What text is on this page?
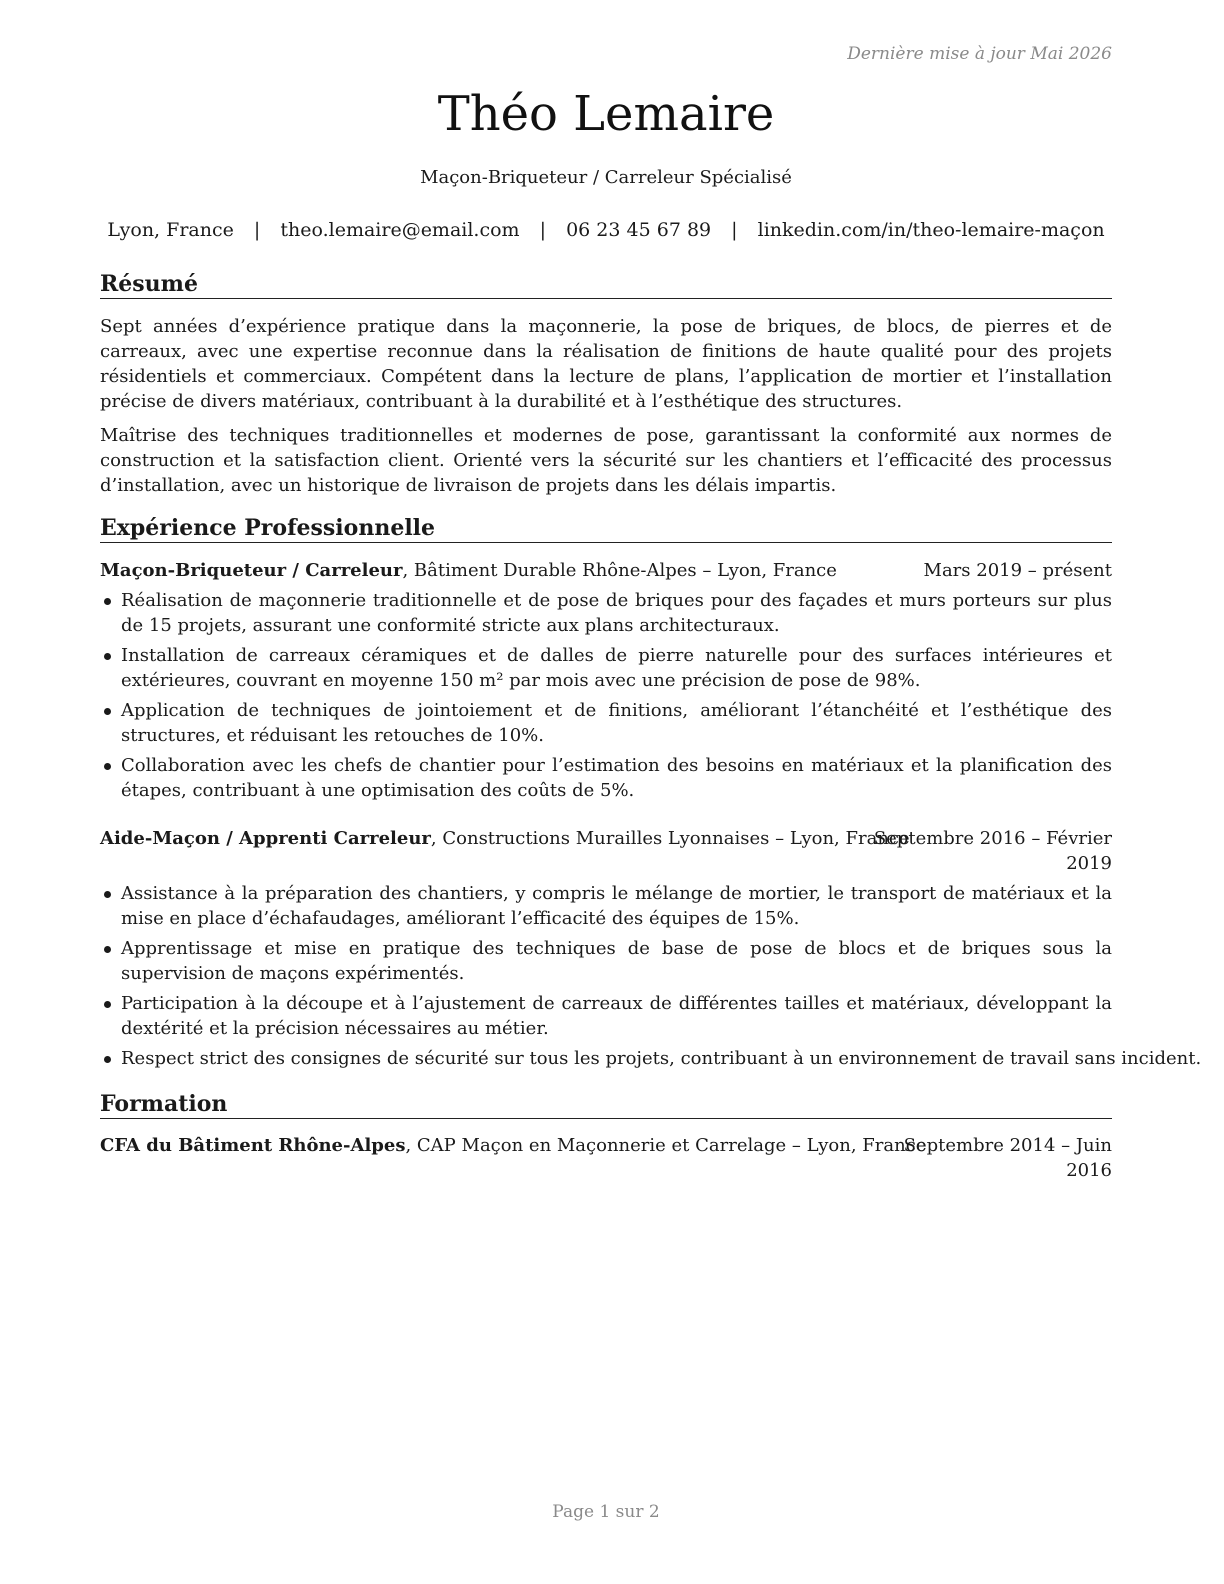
Dernière mise à jour Mai 2026
Théo Lemaire
Maçon-Briqueteur / Carreleur Spécialisé
Lyon, France | theo.lemaire@email.com | 06 23 45 67 89 | linkedin.com/in/theo-lemaire-maçon
Résumé

Sept années d’expérience pratique dans la maçonnerie, la pose de briques, de blocs, de pierres et de carreaux, avec une expertise reconnue dans la réalisation de finitions de haute qualité pour des projets résidentiels et commerciaux. Compétent dans la lecture de plans, l’application de mortier et l’installation précise de divers matériaux, contribuant à la durabilité et à l’esthétique des structures.

Maîtrise des techniques traditionnelles et modernes de pose, garantissant la conformité aux normes de construction et la satisfaction client. Orienté vers la sécurité sur les chantiers et l’efficacité des processus d’installation, avec un historique de livraison de projets dans les délais impartis.

Expérience Professionnelle
Maçon-Briqueteur / Carreleur, Bâtiment Durable Rhône-Alpes – Lyon, France	Mars 2019 – présent
Réalisation de maçonnerie traditionnelle et de pose de briques pour des façades et murs porteurs sur plus de 15 projets, assurant une conformité stricte aux plans architecturaux.
Installation de carreaux céramiques et de dalles de pierre naturelle pour des surfaces intérieures et extérieures, couvrant en moyenne 150 m² par mois avec une précision de pose de 98%.
Application de techniques de jointoiement et de finitions, améliorant l’étanchéité et l’esthétique des structures, et réduisant les retouches de 10%.
Collaboration avec les chefs de chantier pour l’estimation des besoins en matériaux et la planification des étapes, contribuant à une optimisation des coûts de 5%.
Aide-Maçon / Apprenti Carreleur, Constructions Murailles Lyonnaises – Lyon, France
Septembre 2016 – Février
2019
Assistance à la préparation des chantiers, y compris le mélange de mortier, le transport de matériaux et la mise en place d’échafaudages, améliorant l’efficacité des équipes de 15%.
Apprentissage et mise en pratique des techniques de base de pose de blocs et de briques sous la supervision de maçons expérimentés.
Participation à la découpe et à l’ajustement de carreaux de différentes tailles et matériaux, développant la dextérité et la précision nécessaires au métier.
Respect strict des consignes de sécurité sur tous les projets, contribuant à un environnement de travail sans incident.
Formation
CFA du Bâtiment Rhône-Alpes, CAP Maçon en Maçonnerie et Carrelage – Lyon, France
Septembre 2014 – Juin
2016
Page 1 sur 2
